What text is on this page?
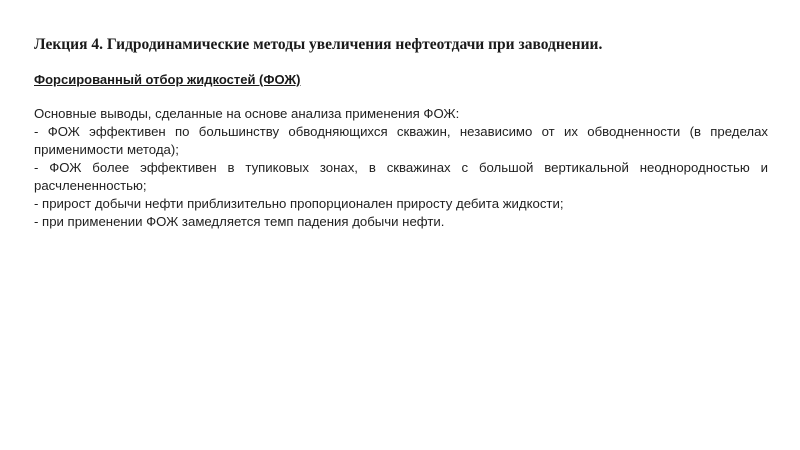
Лекция 4. Гидродинамические методы увеличения нефтеотдачи при заводнении.
Форсированный отбор жидкостей (ФОЖ)
Основные выводы, сделанные на основе анализа применения ФОЖ:
- ФОЖ эффективен по большинству обводняющихся скважин, независимо от их обводненности (в пределах применимости метода);
- ФОЖ более эффективен в тупиковых зонах, в скважинах с большой вертикальной неоднородностью и расчлененностью;
- прирост добычи нефти приблизительно пропорционален приросту дебита жидкости;
- при применении ФОЖ замедляется темп падения добычи нефти.
